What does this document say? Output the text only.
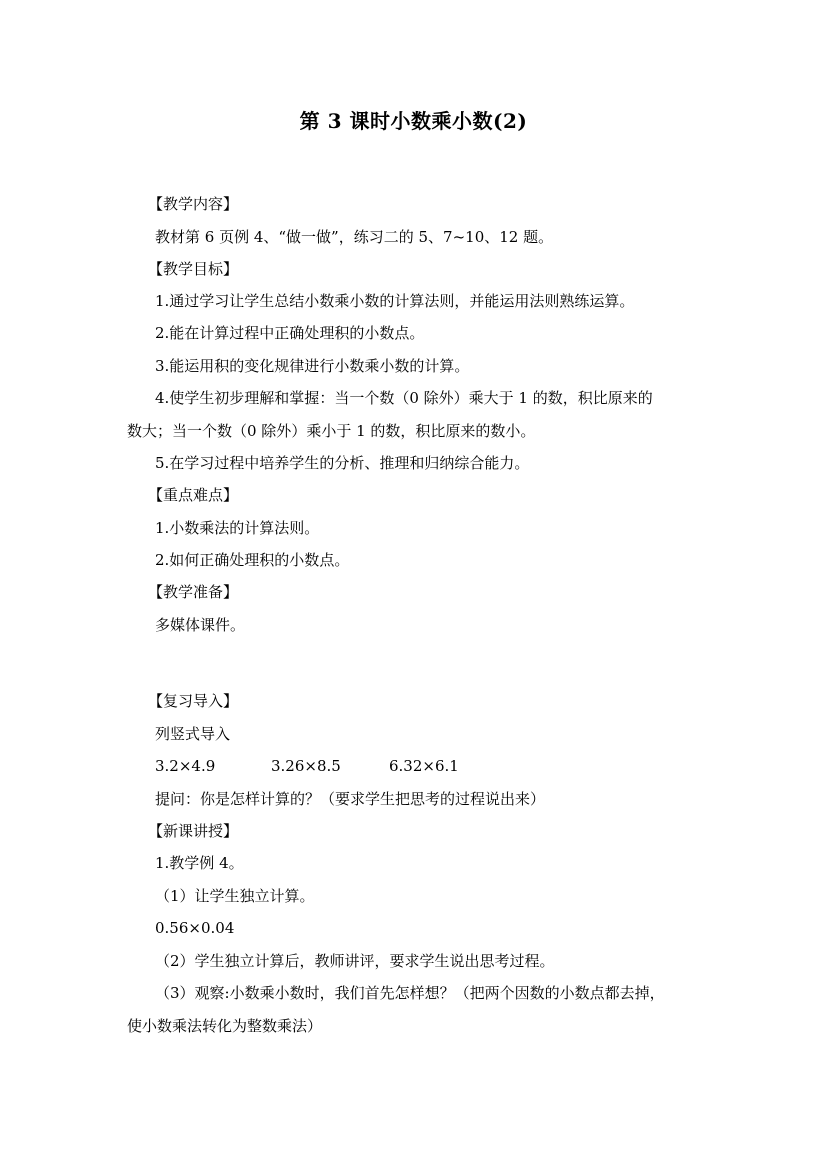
第 3 课时小数乘小数(2)
【教学内容】
教材第 6 页例 4、“做一做”，练习二的 5、7~10、12 题。
【教学目标】
1.通过学习让学生总结小数乘小数的计算法则，并能运用法则熟练运算。
2.能在计算过程中正确处理积的小数点。
3.能运用积的变化规律进行小数乘小数的计算。
4.使学生初步理解和掌握：当一个数（0 除外）乘大于 1 的数，积比原来的
数大；当一个数（0 除外）乘小于 1 的数，积比原来的数小。
5.在学习过程中培养学生的分析、推理和归纳综合能力。
【重点难点】
1.小数乘法的计算法则。
2.如何正确处理积的小数点。
【教学准备】
多媒体课件。
【复习导入】
列竖式导入
3.2×4.9	3.26×8.5	6.32×6.1
提问：你是怎样计算的？（要求学生把思考的过程说出来）
【新课讲授】
1.教学例 4。
（1）让学生独立计算。
0.56×0.04
（2）学生独立计算后，教师讲评，要求学生说出思考过程。
（3）观察:小数乘小数时，我们首先怎样想？（把两个因数的小数点都去掉，
使小数乘法转化为整数乘法）
